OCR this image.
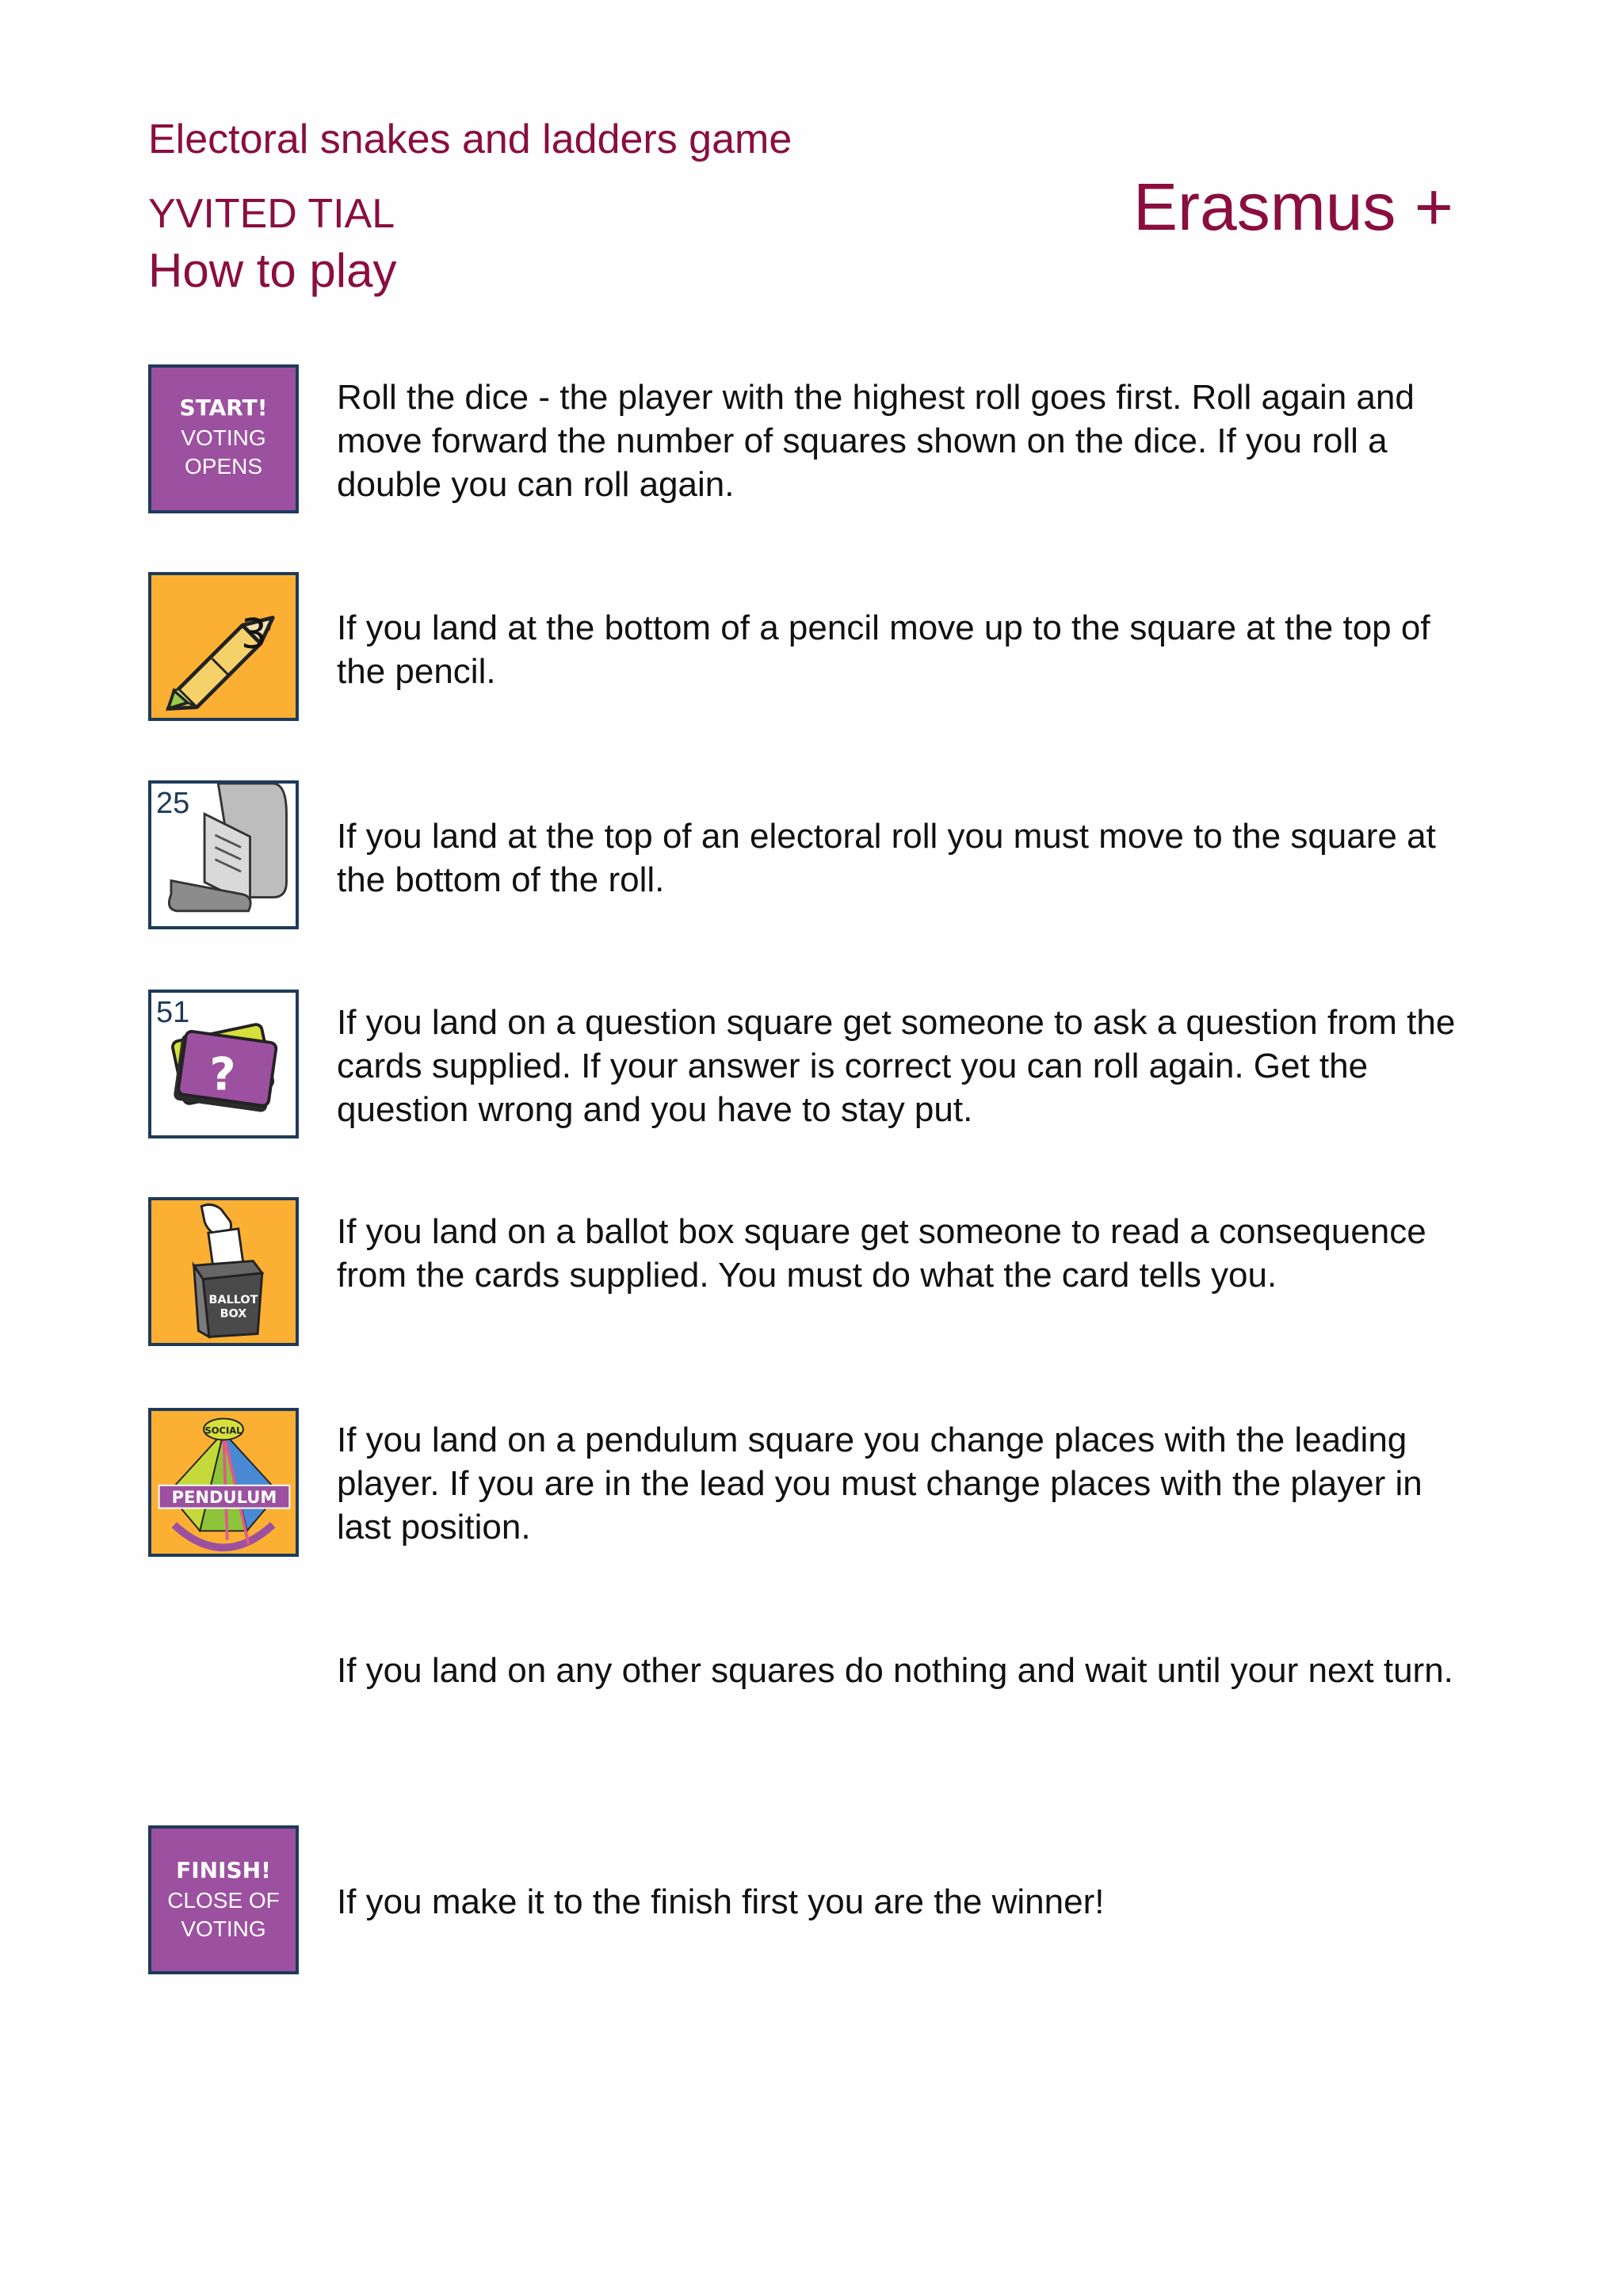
Electoral snakes and ladders game
YVITED TIAL
How to play
Erasmus +
START!
VOTING
OPENS
Roll the dice - the player with the highest roll goes first. Roll again and move forward the number of squares shown on the dice. If you roll a double you can roll again.
3 If you land at the bottom of a pencil move up to the square at the top of the pencil.
25
If you land at the top of an electoral roll you must move to the square at the bottom of the roll.
51
?
If you land on a question square get someone to ask a question from the cards supplied. If your answer is correct you can roll again. Get the question wrong and you have to stay put.
BALLOT
BOX
If you land on a ballot box square get someone to read a consequence from the cards supplied. You must do what the card tells you.
SOCIAL
PENDULUM
If you land on a pendulum square you change places with the leading player. If you are in the lead you must change places with the player in last position.
If you land on any other squares do nothing and wait until your next turn.
FINISH!
CLOSE OF
VOTING
If you make it to the finish first you are the winner!
